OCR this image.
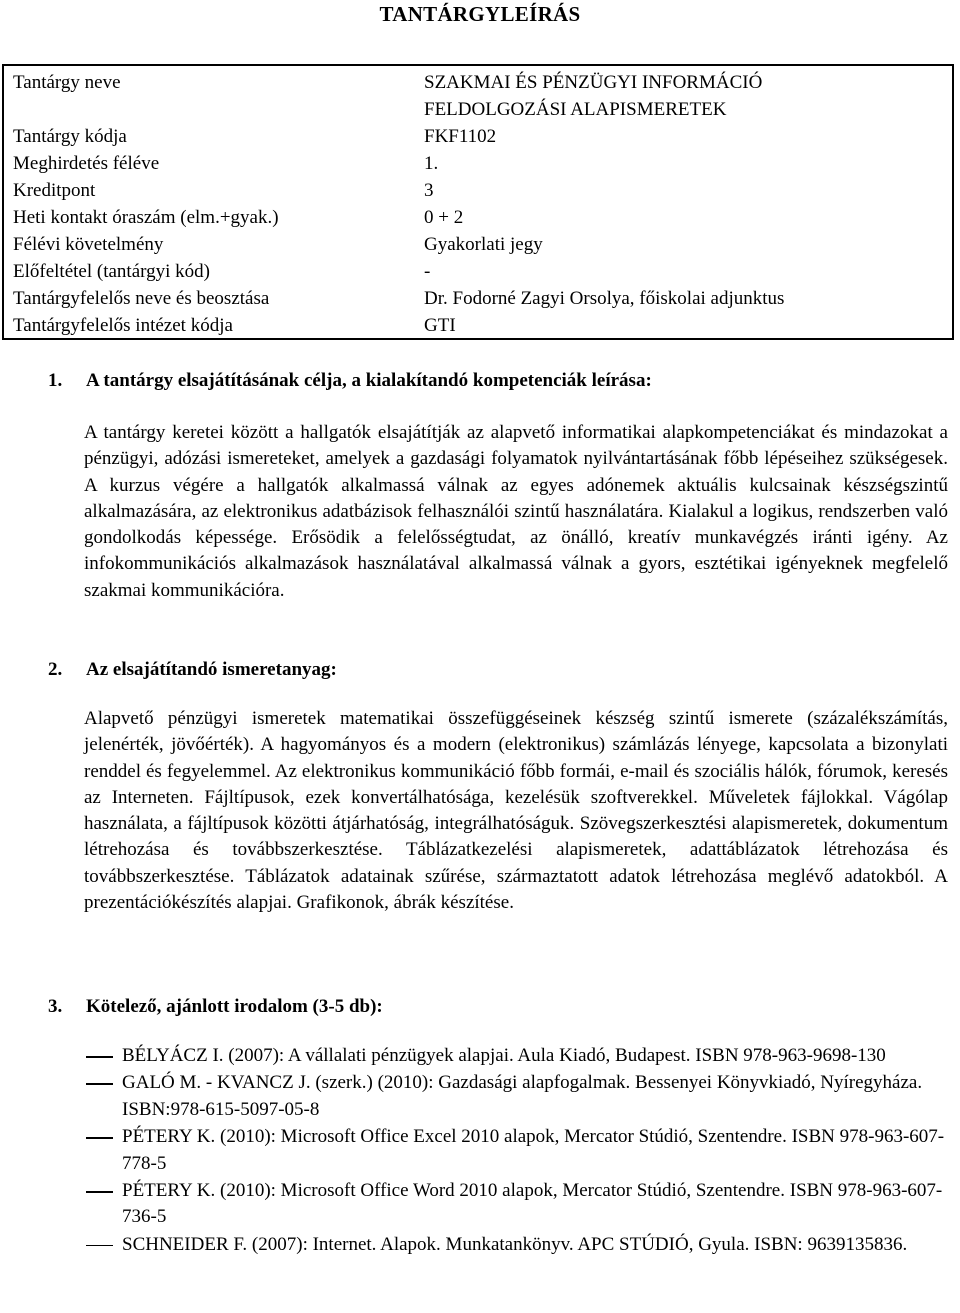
TANTÁRGYLEÍRÁS
Tantárgy neve	SZAKMAI ÉS PÉNZÜGYI INFORMÁCIÓ
FELDOLGOZÁSI ALAPISMERETEK
Tantárgy kódja	FKF1102
Meghirdetés féléve	1.
Kreditpont	3
Heti kontakt óraszám (elm.+gyak.)	0 + 2
Félévi követelmény	Gyakorlati jegy
Előfeltétel (tantárgyi kód)	-
Tantárgyfelelős neve és beosztása	Dr. Fodorné Zagyi Orsolya, főiskolai adjunktus
Tantárgyfelelős intézet kódja	GTI
1. A tantárgy elsajátításának célja, a kialakítandó kompetenciák leírása:
A tantárgy keretei között a hallgatók elsajátítják az alapvető informatikai alapkompetenciákat és mindazokat a pénzügyi, adózási ismereteket, amelyek a gazdasági folyamatok nyilvántartásának főbb lépéseihez szükségesek. A kurzus végére a hallgatók alkalmassá válnak az egyes adónemek aktuális kulcsainak készségszintű alkalmazására, az elektronikus adatbázisok felhasználói szintű használatára. Kialakul a logikus, rendszerben való gondolkodás képessége. Erősödik a felelősségtudat, az önálló, kreatív munkavégzés iránti igény. Az infokommunikációs alkalmazások használatával alkalmassá válnak a gyors, esztétikai igényeknek megfelelő szakmai kommunikációra.
2. Az elsajátítandó ismeretanyag:
Alapvető pénzügyi ismeretek matematikai összefüggéseinek készség szintű ismerete (százalékszámítás, jelenérték, jövőérték). A hagyományos és a modern (elektronikus) számlázás lényege, kapcsolata a bizonylati renddel és fegyelemmel. Az elektronikus kommunikáció főbb formái, e-mail és szociális hálók, fórumok, keresés az Interneten. Fájltípusok, ezek konvertálhatósága, kezelésük szoftverekkel. Műveletek fájlokkal. Vágólap használata, a fájltípusok közötti átjárhatóság, integrálhatóságuk. Szövegszerkesztési alapismeretek, dokumentum létrehozása és továbbszerkesztése. Táblázatkezelési alapismeretek, adattáblázatok létrehozása és továbbszerkesztése. Táblázatok adatainak szűrése, származtatott adatok létrehozása meglévő adatokból. A prezentációkészítés alapjai. Grafikonok, ábrák készítése.
3. Kötelező, ajánlott irodalom (3-5 db):
BÉLYÁCZ I. (2007): A vállalati pénzügyek alapjai. Aula Kiadó, Budapest. ISBN 978-963-9698-130
GALÓ M. - KVANCZ J. (szerk.) (2010): Gazdasági alapfogalmak. Bessenyei Könyvkiadó, Nyíregyháza. ISBN:978-615-5097-05-8
PÉTERY K. (2010): Microsoft Office Excel 2010 alapok, Mercator Stúdió, Szentendre. ISBN 978-963-607-778-5
PÉTERY K. (2010): Microsoft Office Word 2010 alapok, Mercator Stúdió, Szentendre. ISBN 978-963-607-736-5
SCHNEIDER F. (2007): Internet. Alapok. Munkatankönyv. APC STÚDIÓ, Gyula. ISBN: 9639135836.
